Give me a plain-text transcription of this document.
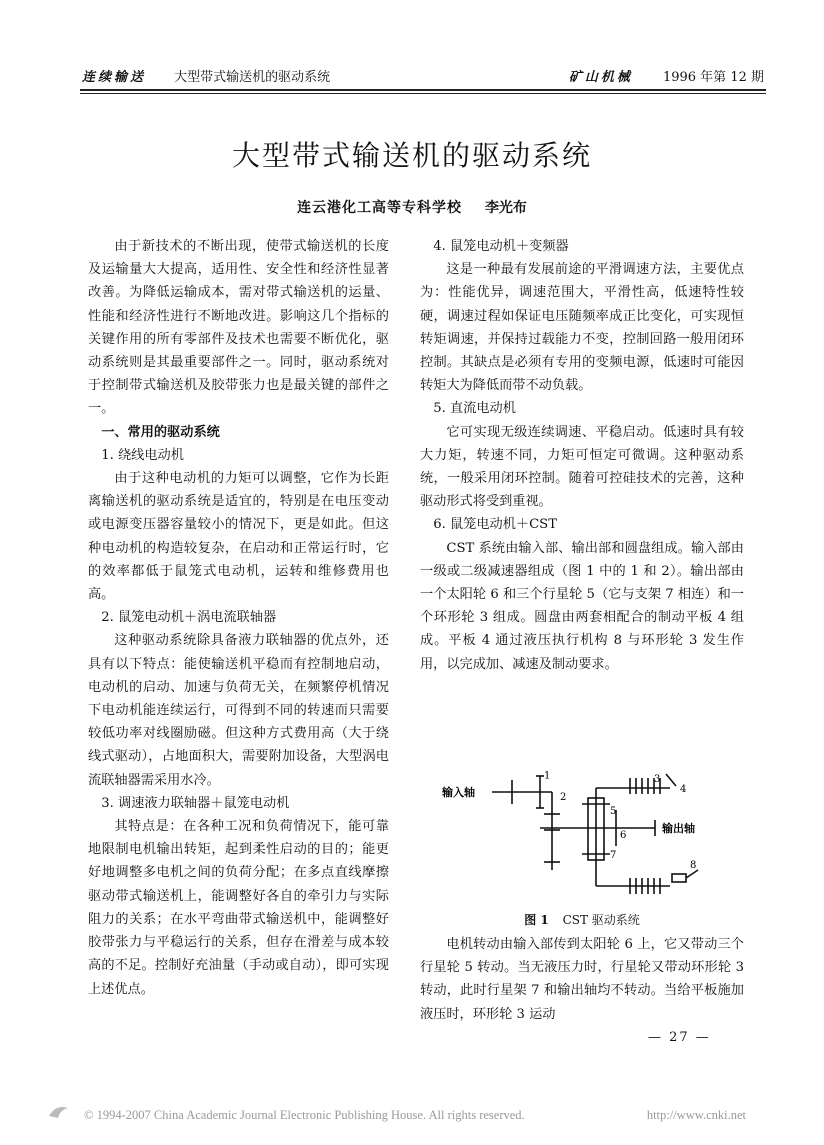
连续输送 大型带式输送机的驱动系统	矿山机械 1996 年第 12 期
大型带式输送机的驱动系统
连云港化工高等专科学校 李光布

由于新技术的不断出现，使带式输送机的长度及运输量大大提高，适用性、安全性和经济性显著改善。为降低运输成本，需对带式输送机的运量、性能和经济性进行不断地改进。影响这几个指标的关键作用的所有零部件及技术也需要不断优化，驱动系统则是其最重要部件之一。同时，驱动系统对于控制带式输送机及胶带张力也是最关键的部件之一。

一、常用的驱动系统

1. 绕线电动机

由于这种电动机的力矩可以调整，它作为长距离输送机的驱动系统是适宜的，特别是在电压变动或电源变压器容量较小的情况下，更是如此。但这种电动机的构造较复杂，在启动和正常运行时，它的效率都低于鼠笼式电动机，运转和维修费用也高。

2. 鼠笼电动机＋涡电流联轴器

这种驱动系统除具备液力联轴器的优点外，还具有以下特点：能使输送机平稳而有控制地启动，电动机的启动、加速与负荷无关，在频繁停机情况下电动机能连续运行，可得到不同的转速而只需要较低功率对线圈励磁。但这种方式费用高（大于绕线式驱动），占地面积大，需要附加设备，大型涡电流联轴器需采用水冷。

3. 调速液力联轴器＋鼠笼电动机

其特点是：在各种工况和负荷情况下，能可靠地限制电机输出转矩，起到柔性启动的目的；能更好地调整多电机之间的负荷分配；在多点直线摩擦驱动带式输送机上，能调整好各自的牵引力与实际阻力的关系；在水平弯曲带式输送机中，能调整好胶带张力与平稳运行的关系，但存在滑差与成本较高的不足。控制好充油量（手动或自动），即可实现上述优点。

4. 鼠笼电动机＋变频器

这是一种最有发展前途的平滑调速方法，主要优点为：性能优异，调速范围大，平滑性高，低速特性较硬，调速过程如保证电压随频率成正比变化，可实现恒转矩调速，并保持过载能力不变，控制回路一般用闭环控制。其缺点是必须有专用的变频电源，低速时可能因转矩大为降低而带不动负载。

5. 直流电动机

它可实现无级连续调速、平稳启动。低速时具有较大力矩，转速不同，力矩可恒定可微调。这种驱动系统，一般采用闭环控制。随着可控硅技术的完善，这种驱动形式将受到重视。

6. 鼠笼电动机＋CST

CST 系统由输入部、输出部和圆盘组成。输入部由一级或二级减速器组成（图 1 中的 1 和 2）。输出部由一个太阳轮 6 和三个行星轮 5（它与支架 7 相连）和一个环形轮 3 组成。圆盘由两套相配合的制动平板 4 组成。平板 4 通过液压执行机构 8 与环形轮 3 发生作用，以完成加、减速及制动要求。

输入轴
输出轴
1
2
3
4
5
6
7
8
图 1 CST 驱动系统

电机转动由输入部传到太阳轮 6 上，它又带动三个行星轮 5 转动。当无液压力时，行星轮又带动环形轮 3 转动，此时行星架 7 和输出轴均不转动。当给平板施加液压时，环形轮 3 运动

— 27 —
© 1994-2007 China Academic Journal Electronic Publishing House. All rights reserved.	http://www.cnki.net
